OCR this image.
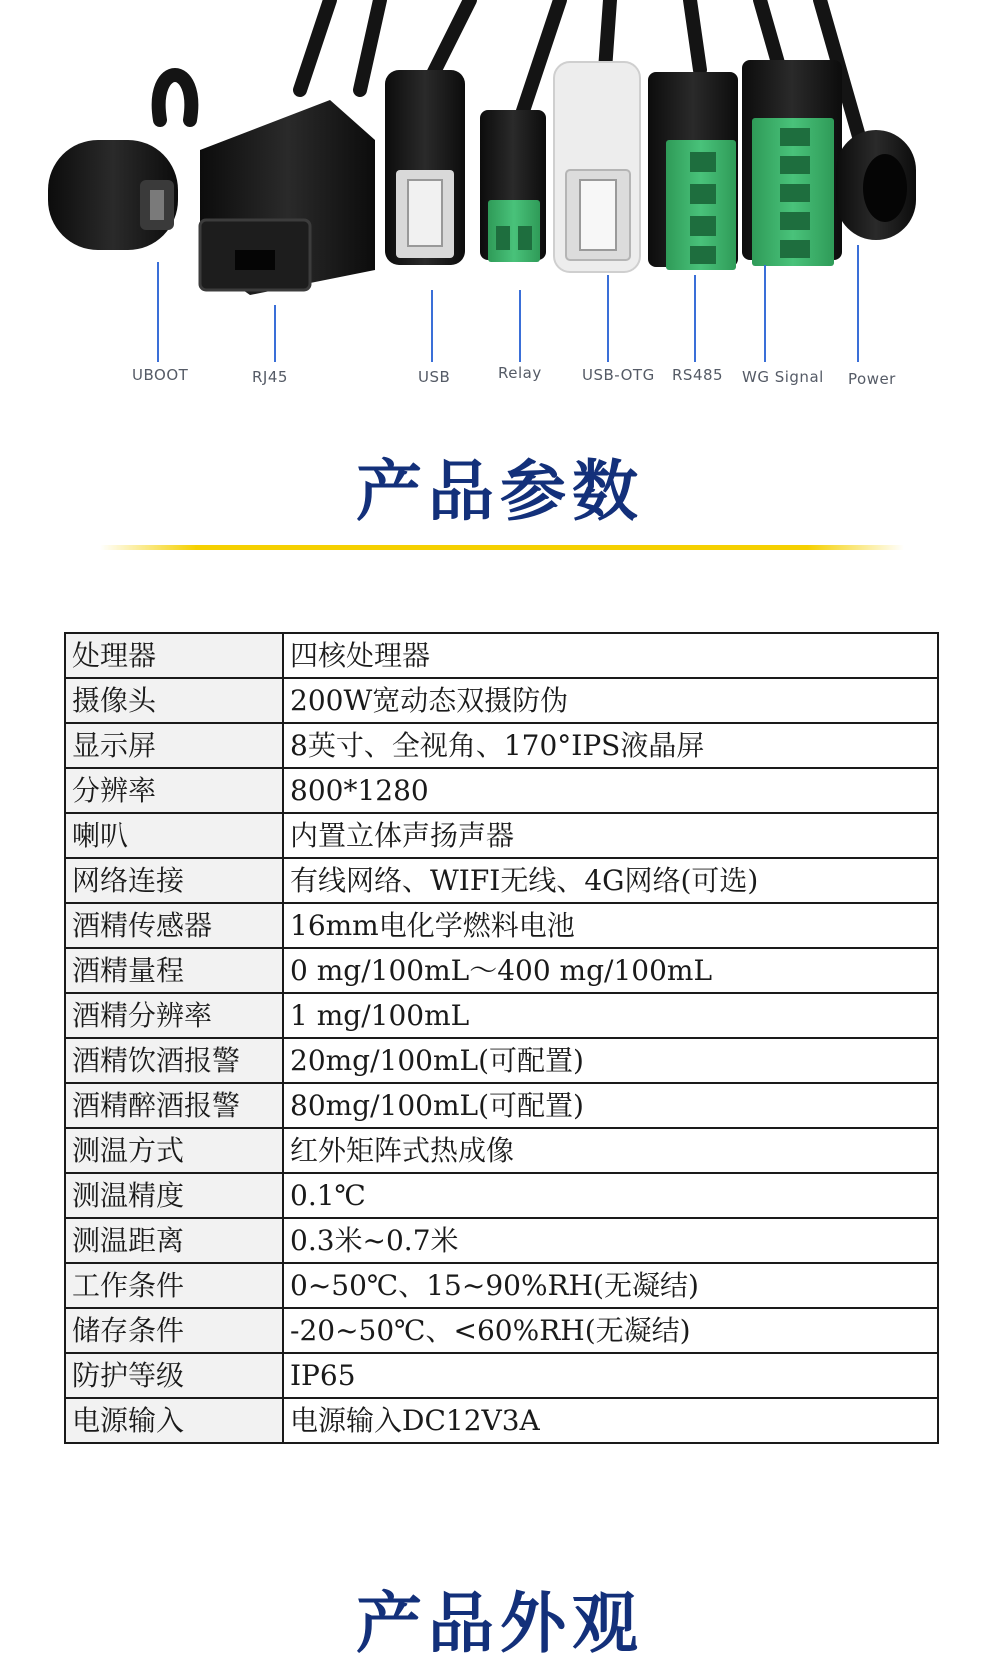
UBOOT	RJ45	USB	Relay	USB-OTG RS485 WG Signal Power
产品参数
处理器	四核处理器
摄像头	200W宽动态双摄防伪
显示屏	8英寸、全视角、170°IPS液晶屏
分辨率	800*1280
喇叭	内置立体声扬声器
网络连接	有线网络、WIFI无线、4G网络(可选)
酒精传感器	16mm电化学燃料电池
酒精量程	0 mg/100mL～400 mg/100mL
酒精分辨率	1 mg/100mL
酒精饮酒报警	20mg/100mL(可配置)
酒精醉酒报警	80mg/100mL(可配置)
测温方式	红外矩阵式热成像
测温精度	0.1℃
测温距离	0.3米~0.7米
工作条件	0~50℃、15~90%RH(无凝结)
储存条件	-20~50℃、<60%RH(无凝结)
防护等级	IP65
电源输入	电源输入DC12V3A
产品外观
